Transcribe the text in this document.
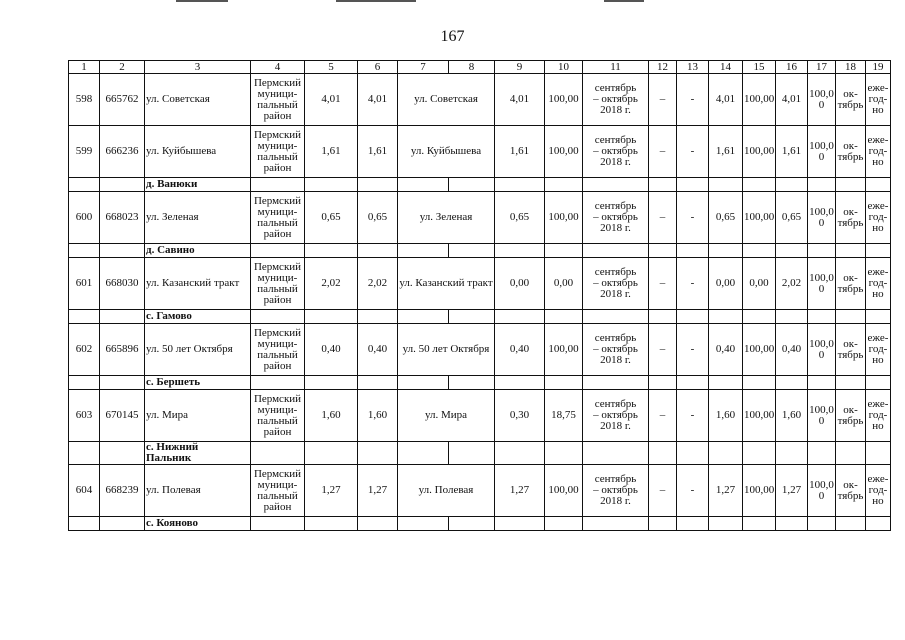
167
1	2	3	4	5	6	7	8	9	10	11	12	13	14	15	16	17	18	19
598	665762	ул. Советская	Пермский
муници-
пальный
район	4,01	4,01	ул. Советская		4,01	100,00	сентябрь
– октябрь
2018 г.	–	-	4,01	100,00	4,01	100,0
0	ок-
тябрь	еже-
год-
но

599	666236	ул. Куйбышева	Пермский
муници-
пальный
район	1,61	1,61	ул. Куйбышева		1,61	100,00	сентябрь
– октябрь
2018 г.	–	-	1,61	100,00	1,61	100,0
0	ок-
тябрь	еже-
год-
но

		д. Ванюки																

600	668023	ул. Зеленая	Пермский
муници-
пальный
район	0,65	0,65	ул. Зеленая		0,65	100,00	сентябрь
– октябрь
2018 г.	–	-	0,65	100,00	0,65	100,0
0	ок-
тябрь	еже-
год-
но

		д. Савино																

601	668030	ул. Казанский тракт	Пермский
муници-
пальный
район	2,02	2,02	ул. Казанский тракт		0,00	0,00	сентябрь
– октябрь
2018 г.	–	-	0,00	0,00	2,02	100,0
0	ок-
тябрь	еже-
год-
но

		с. Гамово																

602	665896	ул. 50 лет Октября	Пермский
муници-
пальный
район	0,40	0,40	ул. 50 лет Октября		0,40	100,00	сентябрь
– октябрь
2018 г.	–	-	0,40	100,00	0,40	100,0
0	ок-
тябрь	еже-
год-
но

		с. Бершеть																

603	670145	ул. Мира	Пермский
муници-
пальный
район	1,60	1,60	ул. Мира		0,30	18,75	сентябрь
– октябрь
2018 г.	–	-	1,60	100,00	1,60	100,0
0	ок-
тябрь	еже-
год-
но

		с. Нижний
Пальник																

604	668239	ул. Полевая	Пермский
муници-
пальный
район	1,27	1,27	ул. Полевая		1,27	100,00	сентябрь
– октябрь
2018 г.	–	-	1,27	100,00	1,27	100,0
0	ок-
тябрь	еже-
год-
но

		с. Кояново																
